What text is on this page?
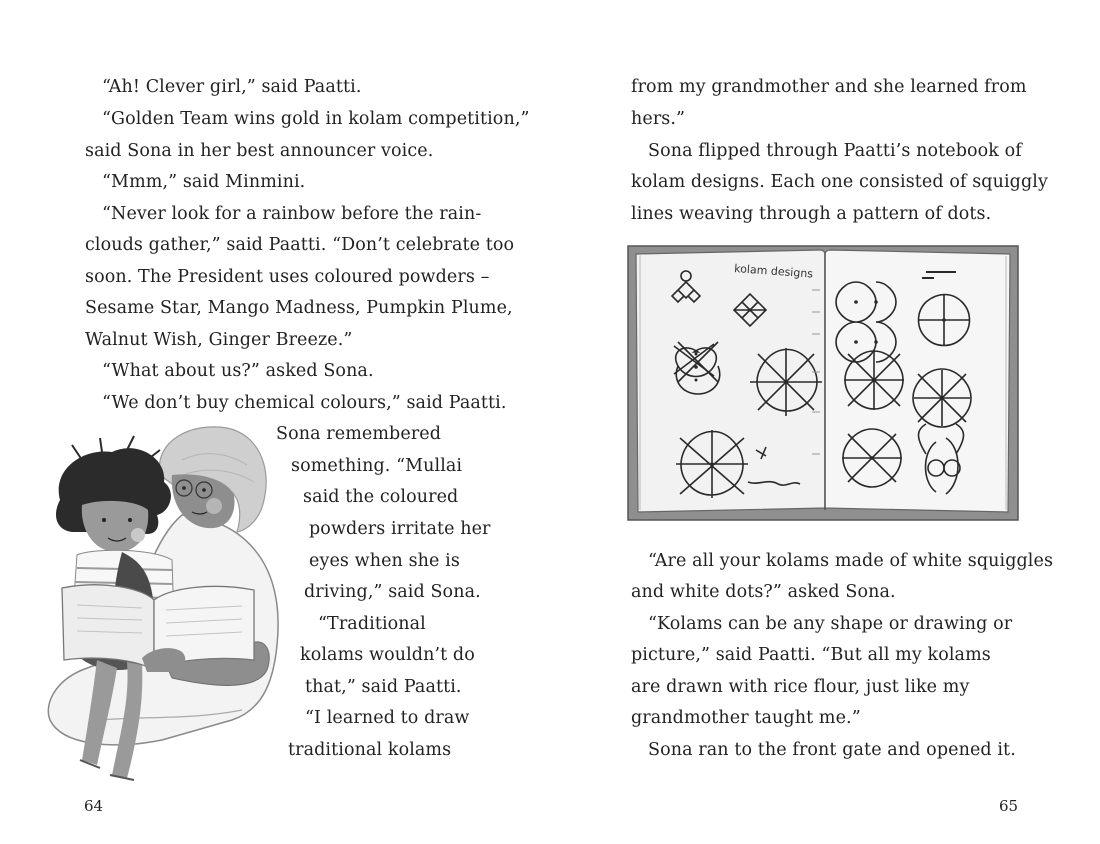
“Ah! Clever girl,” said Paatti.
“Golden Team wins gold in kolam competition,”
said Sona in her best announcer voice.
“Mmm,” said Minmini.
“Never look for a rainbow before the rain-
clouds gather,” said Paatti. “Don’t celebrate too
soon. The President uses coloured powders –
Sesame Star, Mango Madness, Pumpkin Plume,
Walnut Wish, Ginger Breeze.”
“What about us?” asked Sona.
“We don’t buy chemical colours,” said Paatti.
Sona remembered
something. “Mullai
said the coloured
powders irritate her
eyes when she is
driving,” said Sona.
“Traditional
kolams wouldn’t do
that,” said Paatti.
“I learned to draw
traditional kolams
64
from my grandmother and she learned from
hers.”
Sona flipped through Paatti’s notebook of
kolam designs. Each one consisted of squiggly
lines weaving through a pattern of dots.
kolam designs
“Are all your kolams made of white squiggles
and white dots?” asked Sona.
“Kolams can be any shape or drawing or
picture,” said Paatti. “But all my kolams
are drawn with rice flour, just like my
grandmother taught me.”
Sona ran to the front gate and opened it.
65
